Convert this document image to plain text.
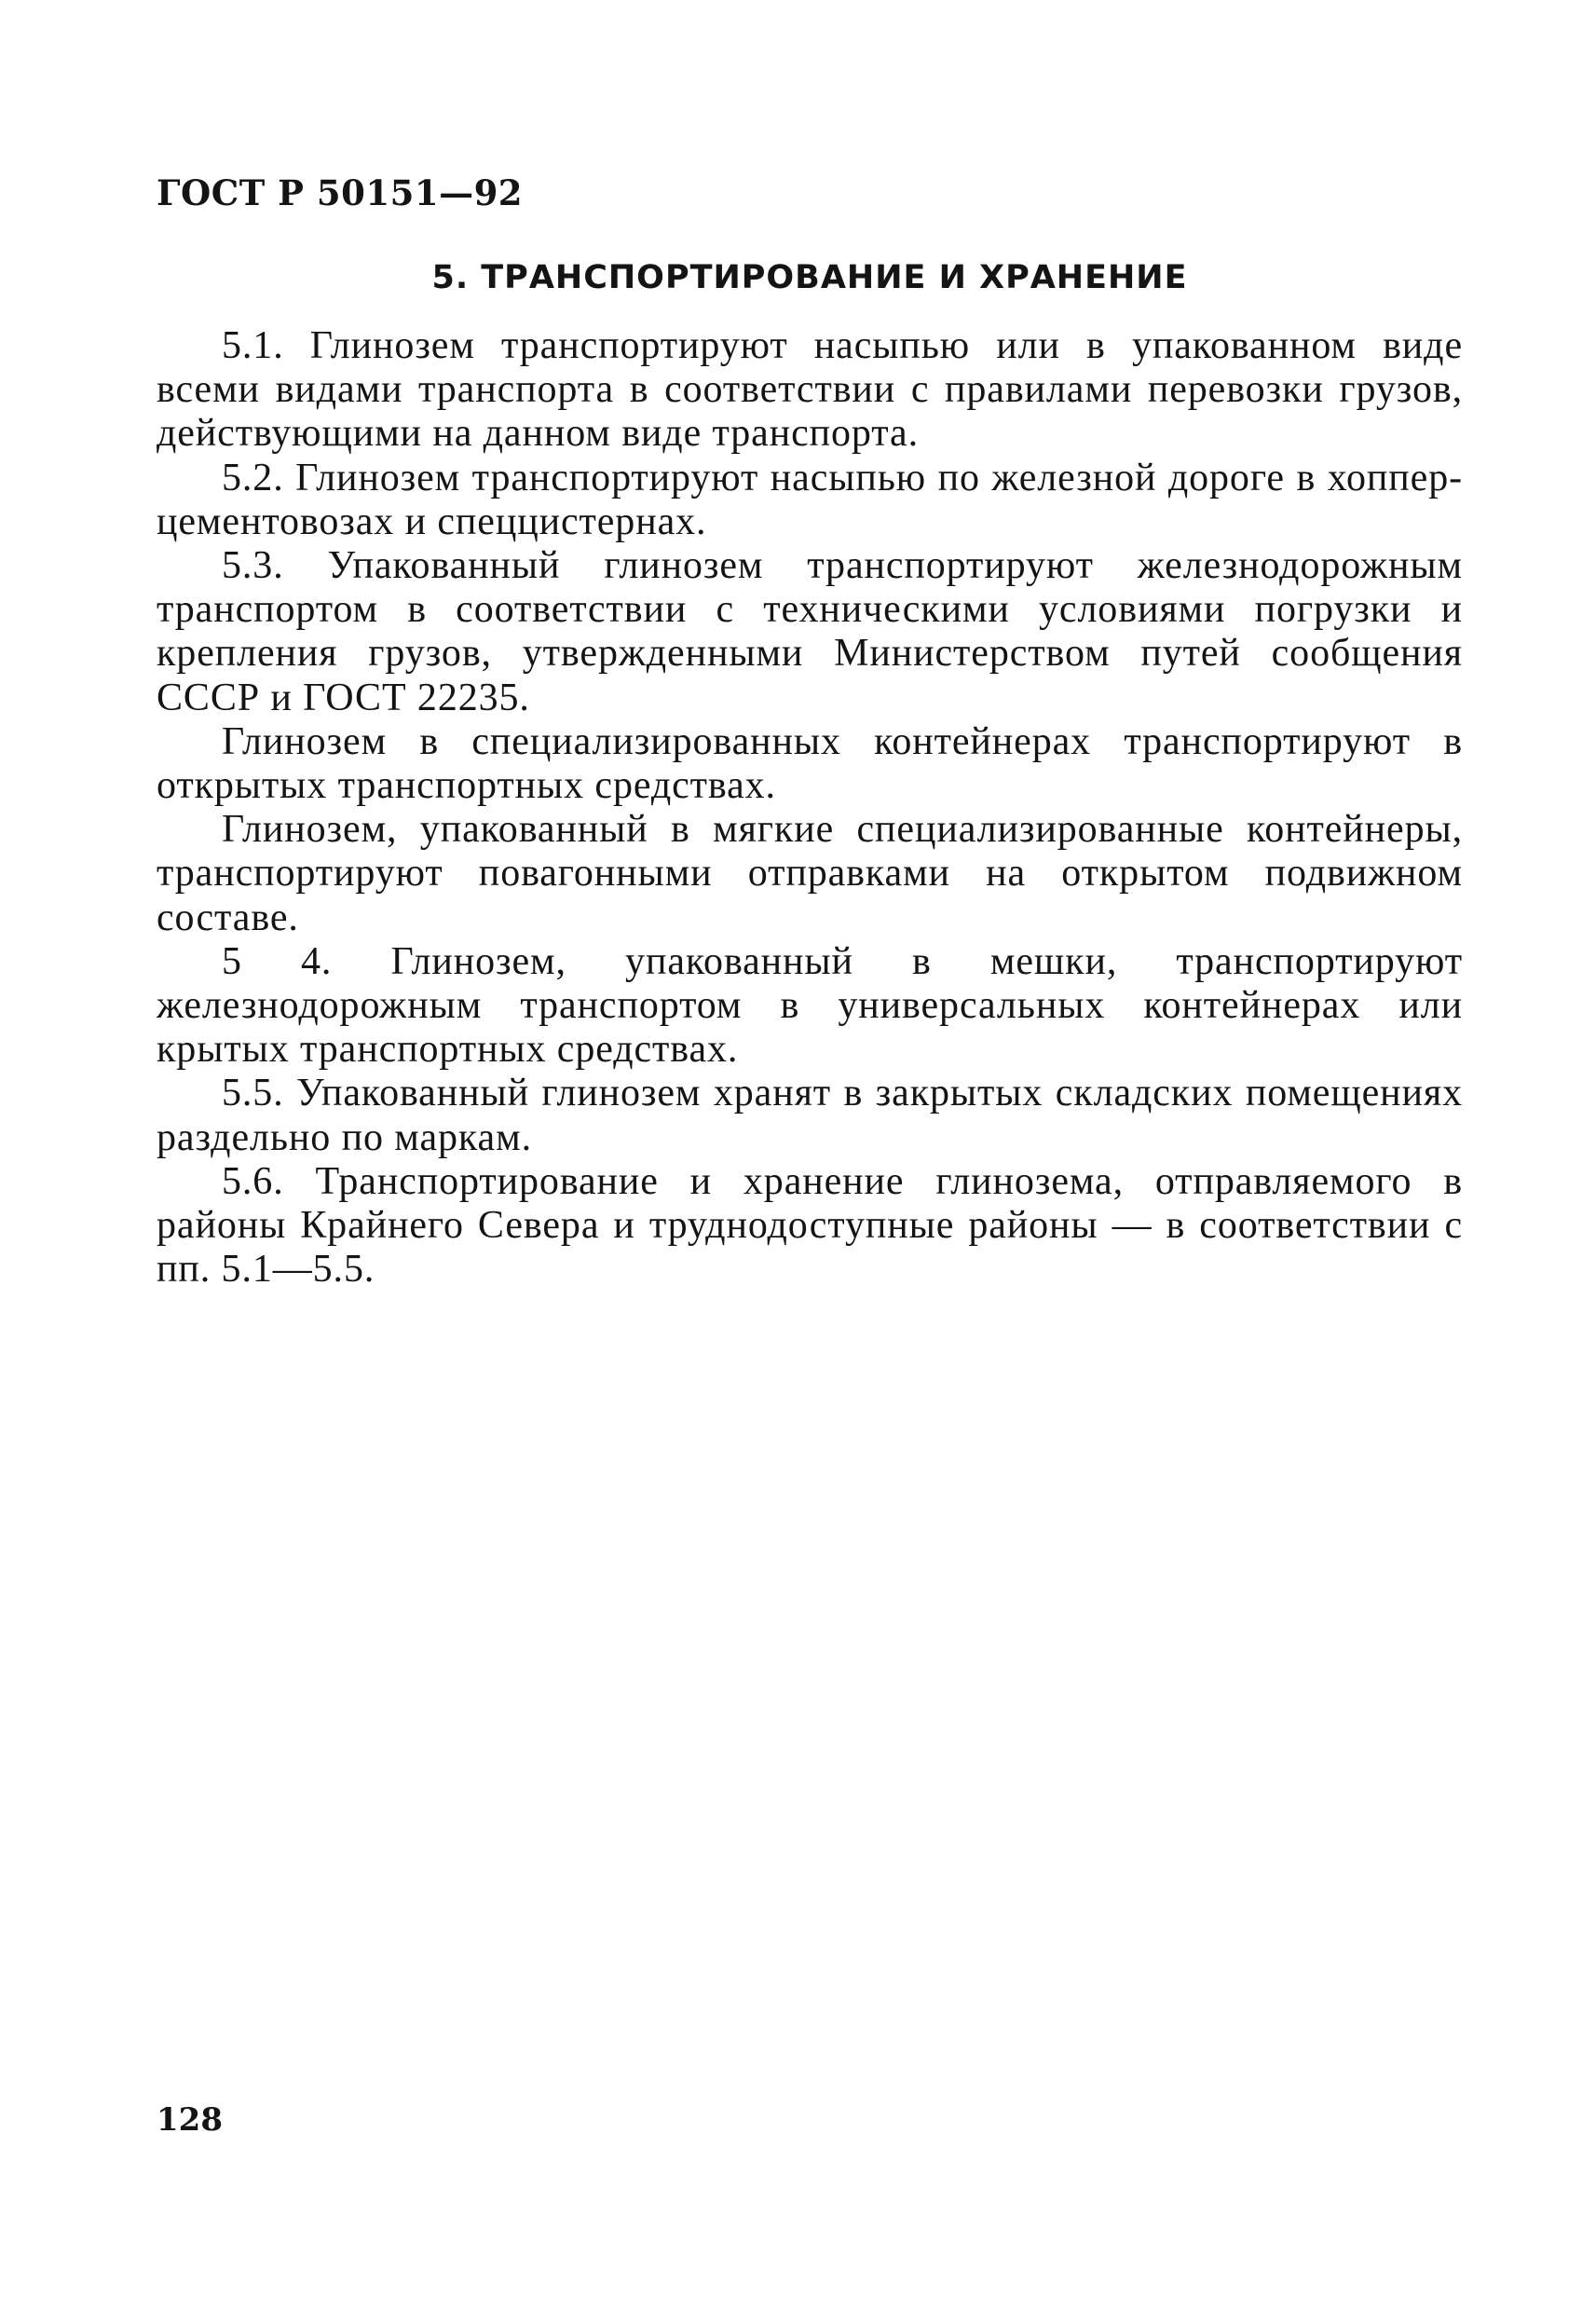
ГОСТ Р 50151—92
5. ТРАНСПОРТИРОВАНИЕ И ХРАНЕНИЕ

5.1. Глинозем транспортируют насыпью или в упакованном виде всеми видами транспорта в соответствии с правилами перевозки грузов, действующими на данном виде транспорта.

5.2. Глинозем транспортируют насыпью по железной дороге в хоппер-цементовозах и спеццистернах.

5.3. Упакованный глинозем транспортируют железнодорожным транспортом в соответствии с техническими условиями погрузки и крепления грузов, утвержденными Министерством путей сообщения СССР и ГОСТ 22235.

Глинозем в специализированных контейнерах транспортируют в открытых транспортных средствах.

Глинозем, упакованный в мягкие специализированные контейнеры, транспортируют повагонными отправками на открытом подвижном составе.

5 4. Глинозем, упакованный в мешки, транспортируют железнодорожным транспортом в универсальных контейнерах или крытых транспортных средствах.

5.5. Упакованный глинозем хранят в закрытых складских помещениях раздельно по маркам.

5.6. Транспортирование и хранение глинозема, отправляемого в районы Крайнего Севера и труднодоступные районы — в соответствии с пп. 5.1—5.5.

128
